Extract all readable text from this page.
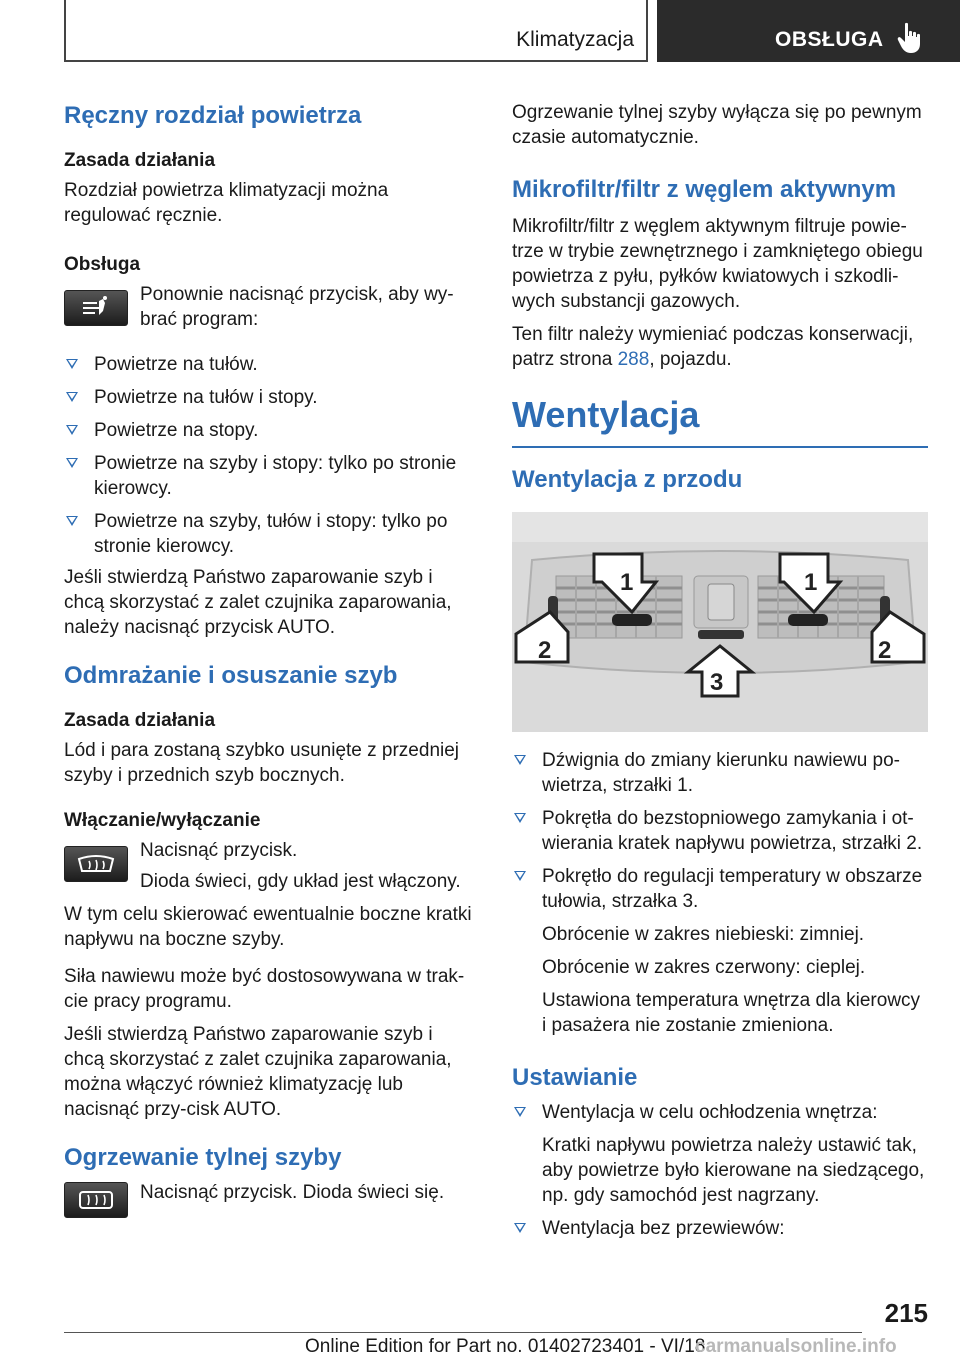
Klimatyzacja	OBSŁUGA
Ręczny rozdział powietrza
Zasada działania

Rozdział powietrza klimatyzacji można regulować ręcznie.

Obsługa

Ponownie nacisnąć przycisk, aby wy-brać program:

Powietrze na tułów.

Powietrze na tułów i stopy.

Powietrze na stopy.

Powietrze na szyby i stopy: tylko po stronie kierowcy.

Powietrze na szyby, tułów i stopy: tylko po stronie kierowcy.

Jeśli stwierdzą Państwo zaparowanie szyb i chcą skorzystać z zalet czujnika zaparowania, należy nacisnąć przycisk AUTO.

Odmrażanie i osuszanie szyb
Zasada działania

Lód i para zostaną szybko usunięte z przedniej szyby i przednich szyb bocznych.

Włączanie/wyłączanie

Nacisnąć przycisk.

Dioda świeci, gdy układ jest włączony.

W tym celu skierować ewentualnie boczne kratki napływu na boczne szyby.

Siła nawiewu może być dostosowywana w trak-cie pracy programu.

Jeśli stwierdzą Państwo zaparowanie szyb i chcą skorzystać z zalet czujnika zaparowania, można włączyć również klimatyzację lub nacisnąć przy-cisk AUTO.

Ogrzewanie tylnej szyby

Nacisnąć przycisk. Dioda świeci się.

Ogrzewanie tylnej szyby wyłącza się po pewnym czasie automatycznie.

Mikrofiltr/filtr z węglem aktywnym

Mikrofiltr/filtr z węglem aktywnym filtruje powie-trze w trybie zewnętrznego i zamkniętego obiegu powietrza z pyłu, pyłków kwiatowych i szkodli-wych substancji gazowych.

Ten filtr należy wymieniać podczas konserwacji, patrz strona 288, pojazdu.

Wentylacja
Wentylacja z przodu
1	1
2	2
3

Dźwignia do zmiany kierunku nawiewu po-wietrza, strzałki 1.

Pokrętła do bezstopniowego zamykania i ot-wierania kratek napływu powietrza, strzałki 2.

Pokrętło do regulacji temperatury w obszarze tułowia, strzałka 3.

Obrócenie w zakres niebieski: zimniej.

Obrócenie w zakres czerwony: cieplej.

Ustawiona temperatura wnętrza dla kierowcy i pasażera nie zostanie zmieniona.

Ustawianie

Wentylacja w celu ochłodzenia wnętrza:

Kratki napływu powietrza należy ustawić tak, aby powietrze było kierowane na siedzącego, np. gdy samochód jest nagrzany.

Wentylacja bez przewiewów:

215
Online Edition for Part no. 01402723401 - VI/18
carmanualsonline.info
